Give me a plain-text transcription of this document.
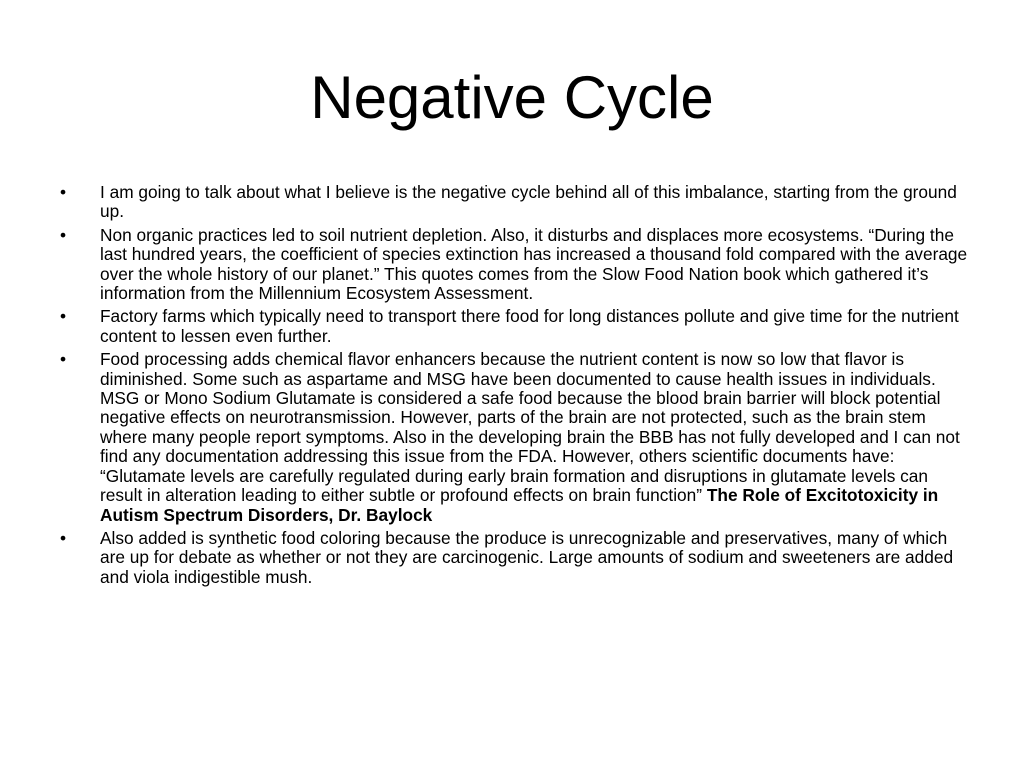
Negative Cycle
•	I am going to talk about what I believe is the negative cycle behind all of this imbalance, starting from the ground up.
•	Non organic practices led to soil nutrient depletion. Also, it disturbs and displaces more ecosystems. “During the last hundred years, the coefficient of species extinction has increased a thousand fold compared with the average over the whole history of our planet.” This quotes comes from the Slow Food Nation book which gathered it’s information from the Millennium Ecosystem Assessment.
•	Factory farms which typically need to transport there food for long distances pollute and give time for the nutrient content to lessen even further.
•	Food processing adds chemical flavor enhancers because the nutrient content is now so low that flavor is diminished. Some such as aspartame and MSG have been documented to cause health issues in individuals. MSG or Mono Sodium Glutamate is considered a safe food because the blood brain barrier will block potential negative effects on neurotransmission. However, parts of the brain are not protected, such as the brain stem where many people report symptoms. Also in the developing brain the BBB has not fully developed and I can not find any documentation addressing this issue from the FDA. However, others scientific documents have: “Glutamate levels are carefully regulated during early brain formation and disruptions in glutamate levels can result in alteration leading to either subtle or profound effects on brain function” The Role of Excitotoxicity in Autism Spectrum Disorders, Dr. Baylock
•	Also added is synthetic food coloring because the produce is unrecognizable and preservatives, many of which are up for debate as whether or not they are carcinogenic. Large amounts of sodium and sweeteners are added and viola indigestible mush.
